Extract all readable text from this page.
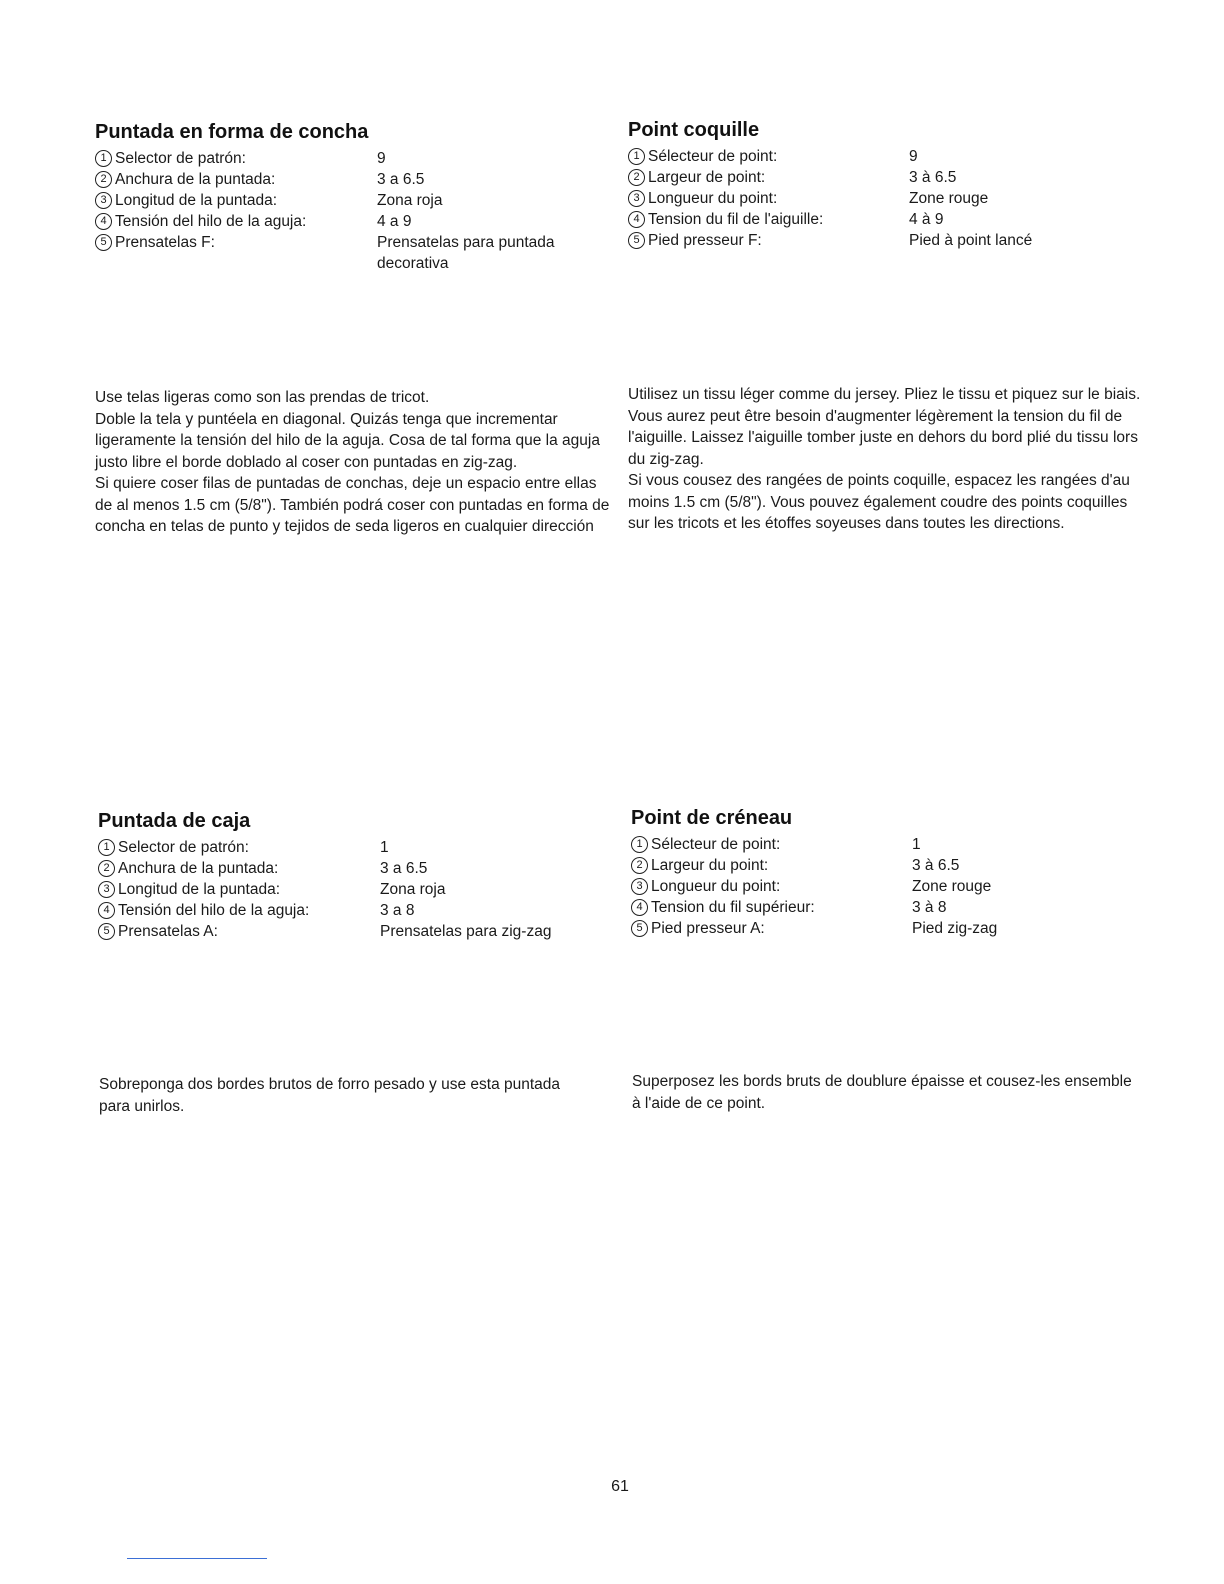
Puntada en forma de concha
1 Selector de patrón:	9
2 Anchura de la puntada:	3 a 6.5
3 Longitud de la puntada:	Zona roja
4 Tensión del hilo de la aguja:	4 a 9
5 Prensatelas F:	Prensatelas para puntada
decorativa

Use telas ligeras como son las prendas de tricot.
Doble la tela y puntéela en diagonal. Quizás tenga que incrementar ligeramente la tensión del hilo de la aguja. Cosa de tal forma que la aguja justo libre el borde doblado al coser con puntadas en zig-zag.
Si quiere coser filas de puntadas de conchas, deje un espacio entre ellas de al menos 1.5 cm (5/8"). También podrá coser con puntadas en forma de concha en telas de punto y tejidos de seda ligeros en cualquier dirección

Point coquille
1 Sélecteur de point:	9
2 Largeur de point:	3 à 6.5
3 Longueur du point:	Zone rouge
4 Tension du fil de l'aiguille:	4 à 9
5 Pied presseur F:	Pied à point lancé

Utilisez un tissu léger comme du jersey. Pliez le tissu et piquez sur le biais. Vous aurez peut être besoin d'augmenter légèrement la tension du fil de l'aiguille. Laissez l'aiguille tomber juste en dehors du bord plié du tissu lors du zig-zag.
Si vous cousez des rangées de points coquille, espacez les rangées d'au moins 1.5 cm (5/8"). Vous pouvez également coudre des points coquilles sur les tricots et les étoffes soyeuses dans toutes les directions.

Puntada de caja
1 Selector de patrón:	1
2 Anchura de la puntada:	3 a 6.5
3 Longitud de la puntada:	Zona roja
4 Tensión del hilo de la aguja:	3 a 8
5 Prensatelas A:	Prensatelas para zig-zag

Sobreponga dos bordes brutos de forro pesado y use esta puntada para unirlos.

Point de créneau
1 Sélecteur de point:	1
2 Largeur du point:	3 à 6.5
3 Longueur du point:	Zone rouge
4 Tension du fil supérieur:	3 à 8
5 Pied presseur A:	Pied zig-zag

Superposez les bords bruts de doublure épaisse et cousez-les ensemble à l'aide de ce point.

61
